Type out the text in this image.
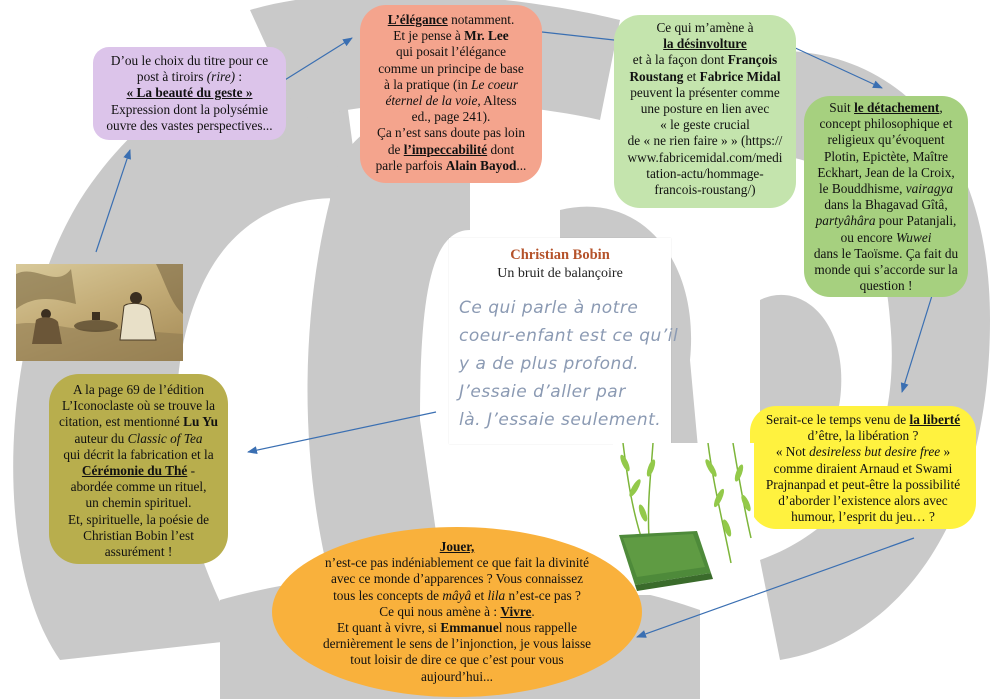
D’ou le choix du titre pour ce
post à tiroirs (rire) :
« La beauté du geste »
Expression dont la polysémie
ouvre des vastes perspectives...
L’élégance notamment.
Et je pense à Mr. Lee
qui posait l’élégance
comme un principe de base
à la pratique (in Le coeur
éternel de la voie, Altess
ed., page 241).
Ça n’est sans doute pas loin
de l’impeccabilité dont
parle parfois Alain Bayod...
Ce qui m’amène à
la désinvolture
et à la façon dont François
Roustang et Fabrice Midal
peuvent la présenter comme
une posture en lien avec
« le geste crucial
de « ne rien faire » » (https://
www.fabricemidal.com/medi
tation-actu/hommage-
francois-roustang/)
Suit le détachement,
concept philosophique et
religieux qu’évoquent
Plotin, Epictète, Maître
Eckhart, Jean de la Croix,
le Bouddhisme, vairagya
dans la Bhagavad Gîtâ,
partyâhâra pour Patanjali,
ou encore Wuwei
dans le Taoïsme. Ça fait du
monde qui s’accorde sur la
question !
Christian Bobin
Un bruit de balançoire
Ce qui parle à notre
coeur-enfant est ce qu’il
y a de plus profond.
J’essaie d’aller par
là. J’essaie seulement.
A la page 69 de l’édition
L’Iconoclaste où se trouve la
citation, est mentionné Lu Yu
auteur du Classic of Tea
qui décrit la fabrication et la
Cérémonie du Thé -
abordée comme un rituel,
un chemin spirituel.
Et, spirituelle, la poésie de
Christian Bobin l’est
assurément !
Serait-ce le temps venu de la liberté
d’être, la libération ?
« Not desireless but desire free »
comme diraient Arnaud et Swami
Prajnanpad et peut-être la possibilité
d’aborder l’existence alors avec
humour, l’esprit du jeu… ?
Jouer,
n’est-ce pas indéniablement ce que fait la divinité
avec ce monde d’apparences ? Vous connaissez
tous les concepts de mâyâ et lila n’est-ce pas ?
Ce qui nous amène à : Vivre.
Et quant à vivre, si Emmanuel nous rappelle
dernièrement le sens de l’injonction, je vous laisse
tout loisir de dire ce que c’est pour vous
aujourd’hui...
